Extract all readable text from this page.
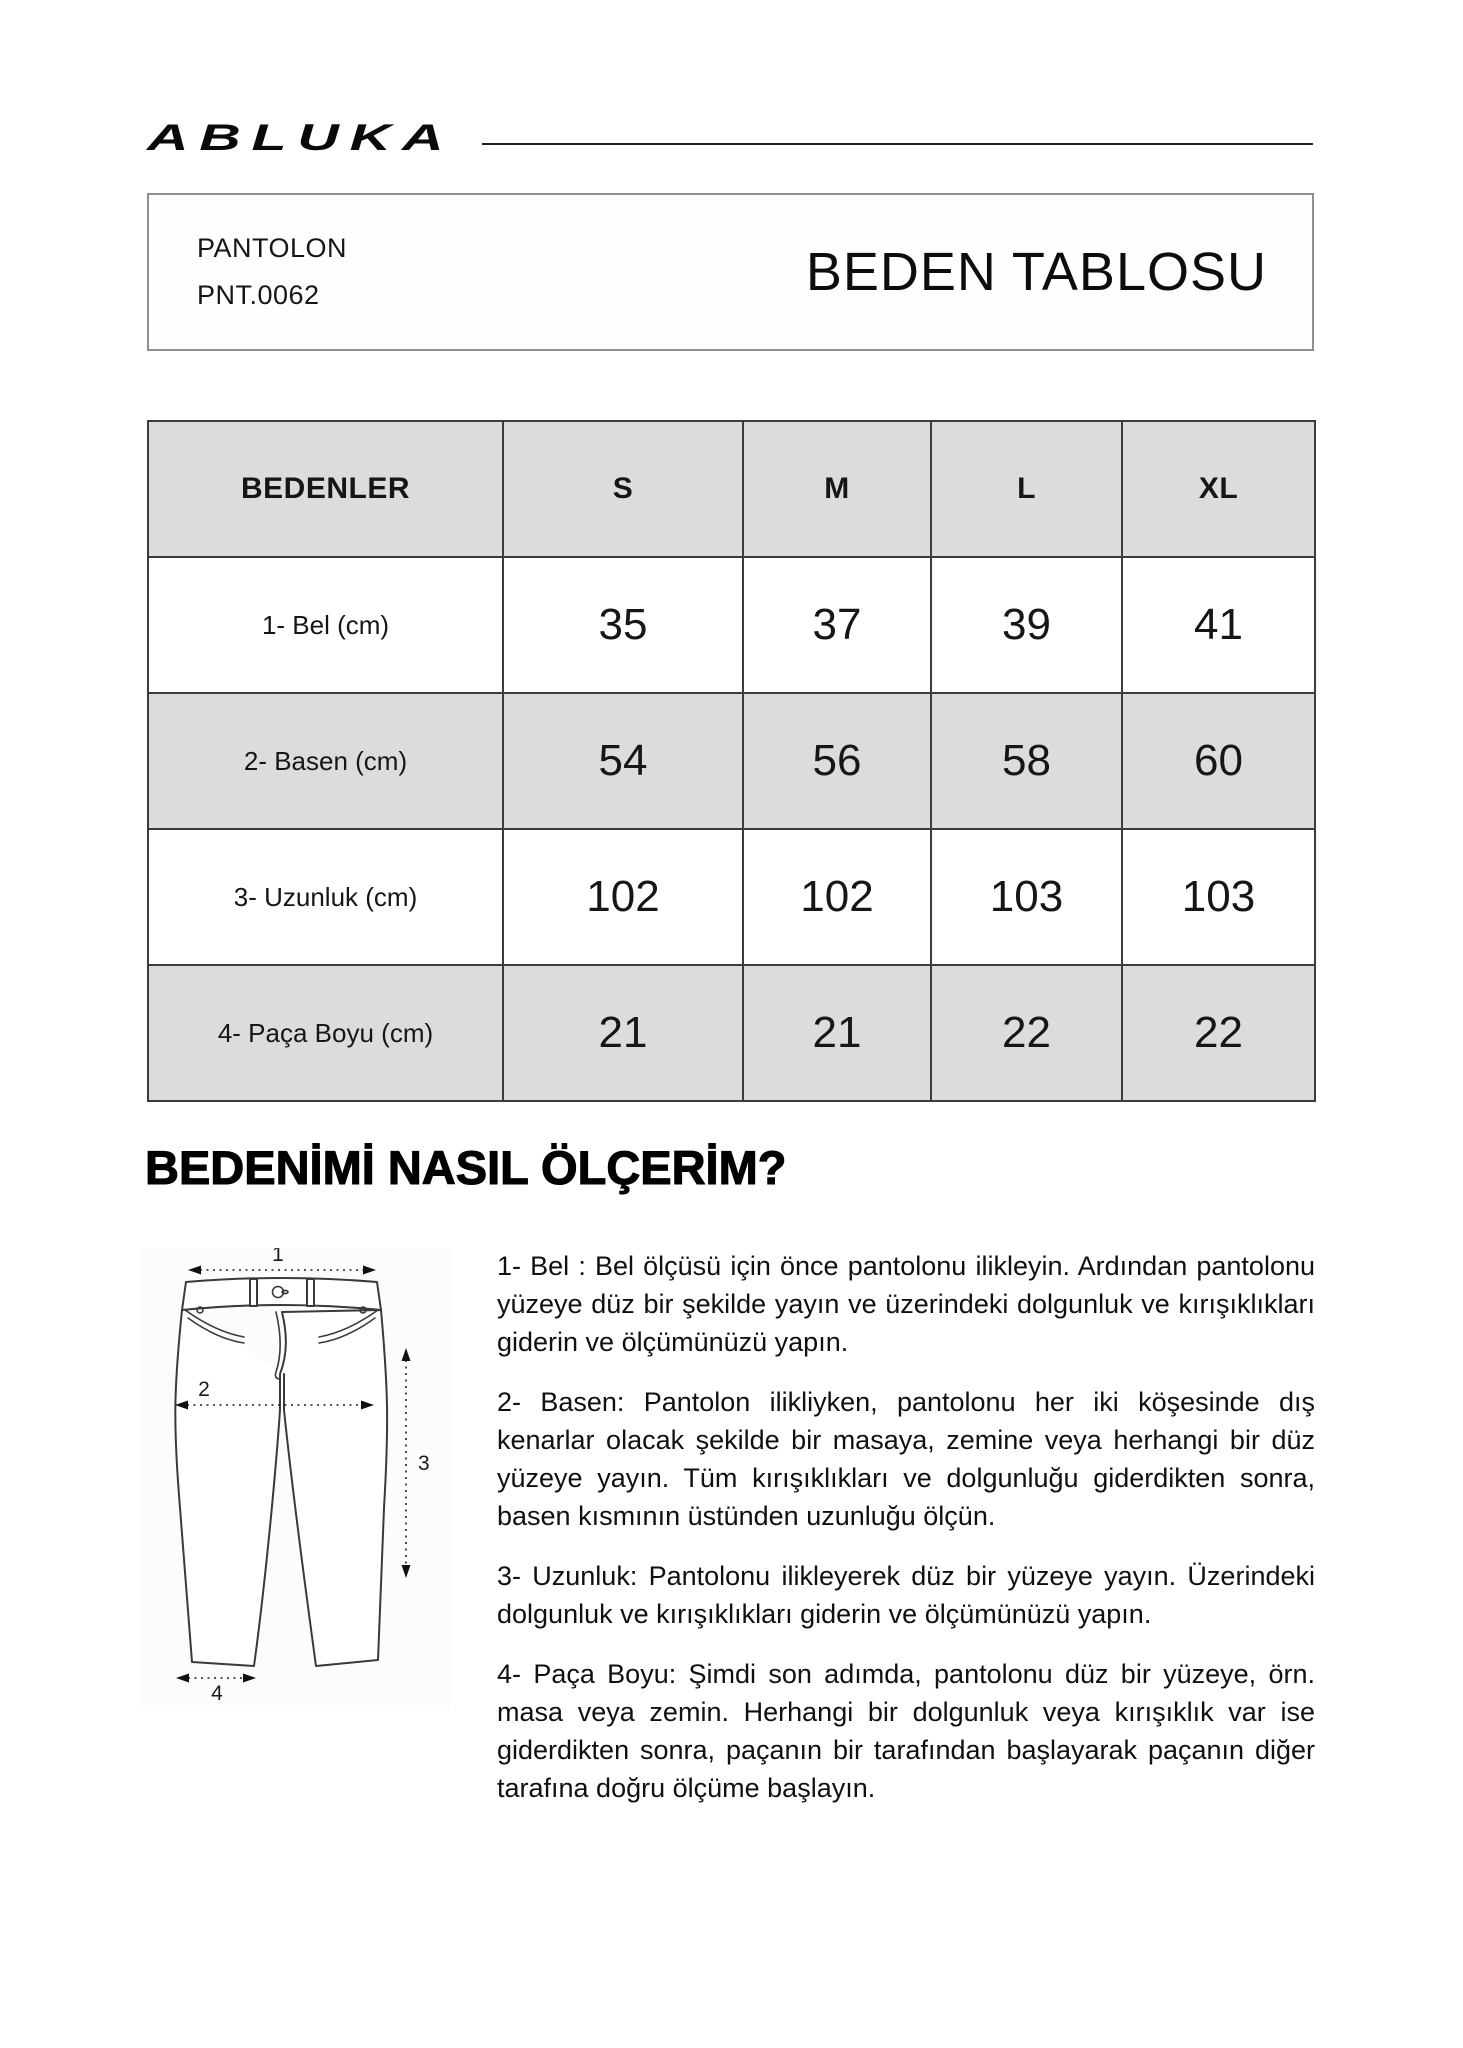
ABLUKA
PANTOLON
PNT.0062	BEDEN TABLOSU
BEDENLER	S	M	L	XL
1- Bel (cm)	35	37	39	41
2- Basen (cm)	54	56	58	60
3- Uzunluk (cm)	102	102	103	103
4- Paça Boyu (cm)	21	21	22	22
BEDENİMİ NASIL ÖLÇERİM?
1
2
3
4

1- Bel : Bel ölçüsü için önce pantolonu ilikleyin. Ardından pantolonu yüzeye düz bir şekilde yayın ve üzerindeki dolgunluk ve kırışıklıkları giderin ve ölçümünüzü yapın.

2- Basen: Pantolon ilikliyken, pantolonu her iki köşesinde dış kenarlar olacak şekilde bir masaya, zemine veya herhangi bir düz yüzeye yayın. Tüm kırışıklıkları ve dolgunluğu giderdikten sonra, basen kısmının üstünden uzunluğu ölçün.

3- Uzunluk: Pantolonu ilikleyerek düz bir yüzeye yayın. Üzerindeki dolgunluk ve kırışıklıkları giderin ve ölçümünüzü yapın.

4- Paça Boyu: Şimdi son adımda, pantolonu düz bir yüzeye, örn. masa veya zemin. Herhangi bir dolgunluk veya kırışıklık var ise giderdikten sonra, paçanın bir tarafından başlayarak paçanın diğer tarafına doğru ölçüme başlayın.
